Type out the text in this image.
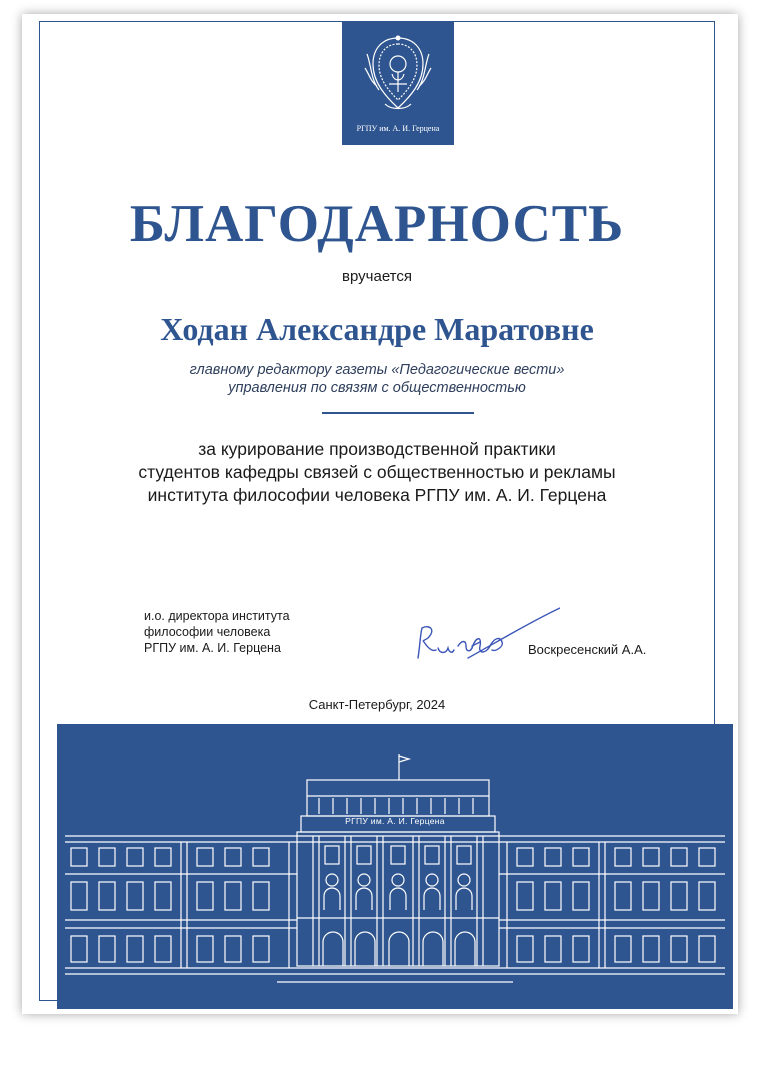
РГПУ им. А. И. Герцена
БЛАГОДАРНОСТЬ
вручается
Ходан Александре Маратовне
главному редактору газеты «Педагогические вести»
управления по связям с общественностью
за курирование производственной практики
студентов кафедры связей с общественностью и рекламы
института философии человека РГПУ им. А. И. Герцена
и.о. директора института
философии человека
РГПУ им. А. И. Герцена	Воскресенский А.А.
Санкт-Петербург, 2024
РГПУ им. А. И. Герцена
